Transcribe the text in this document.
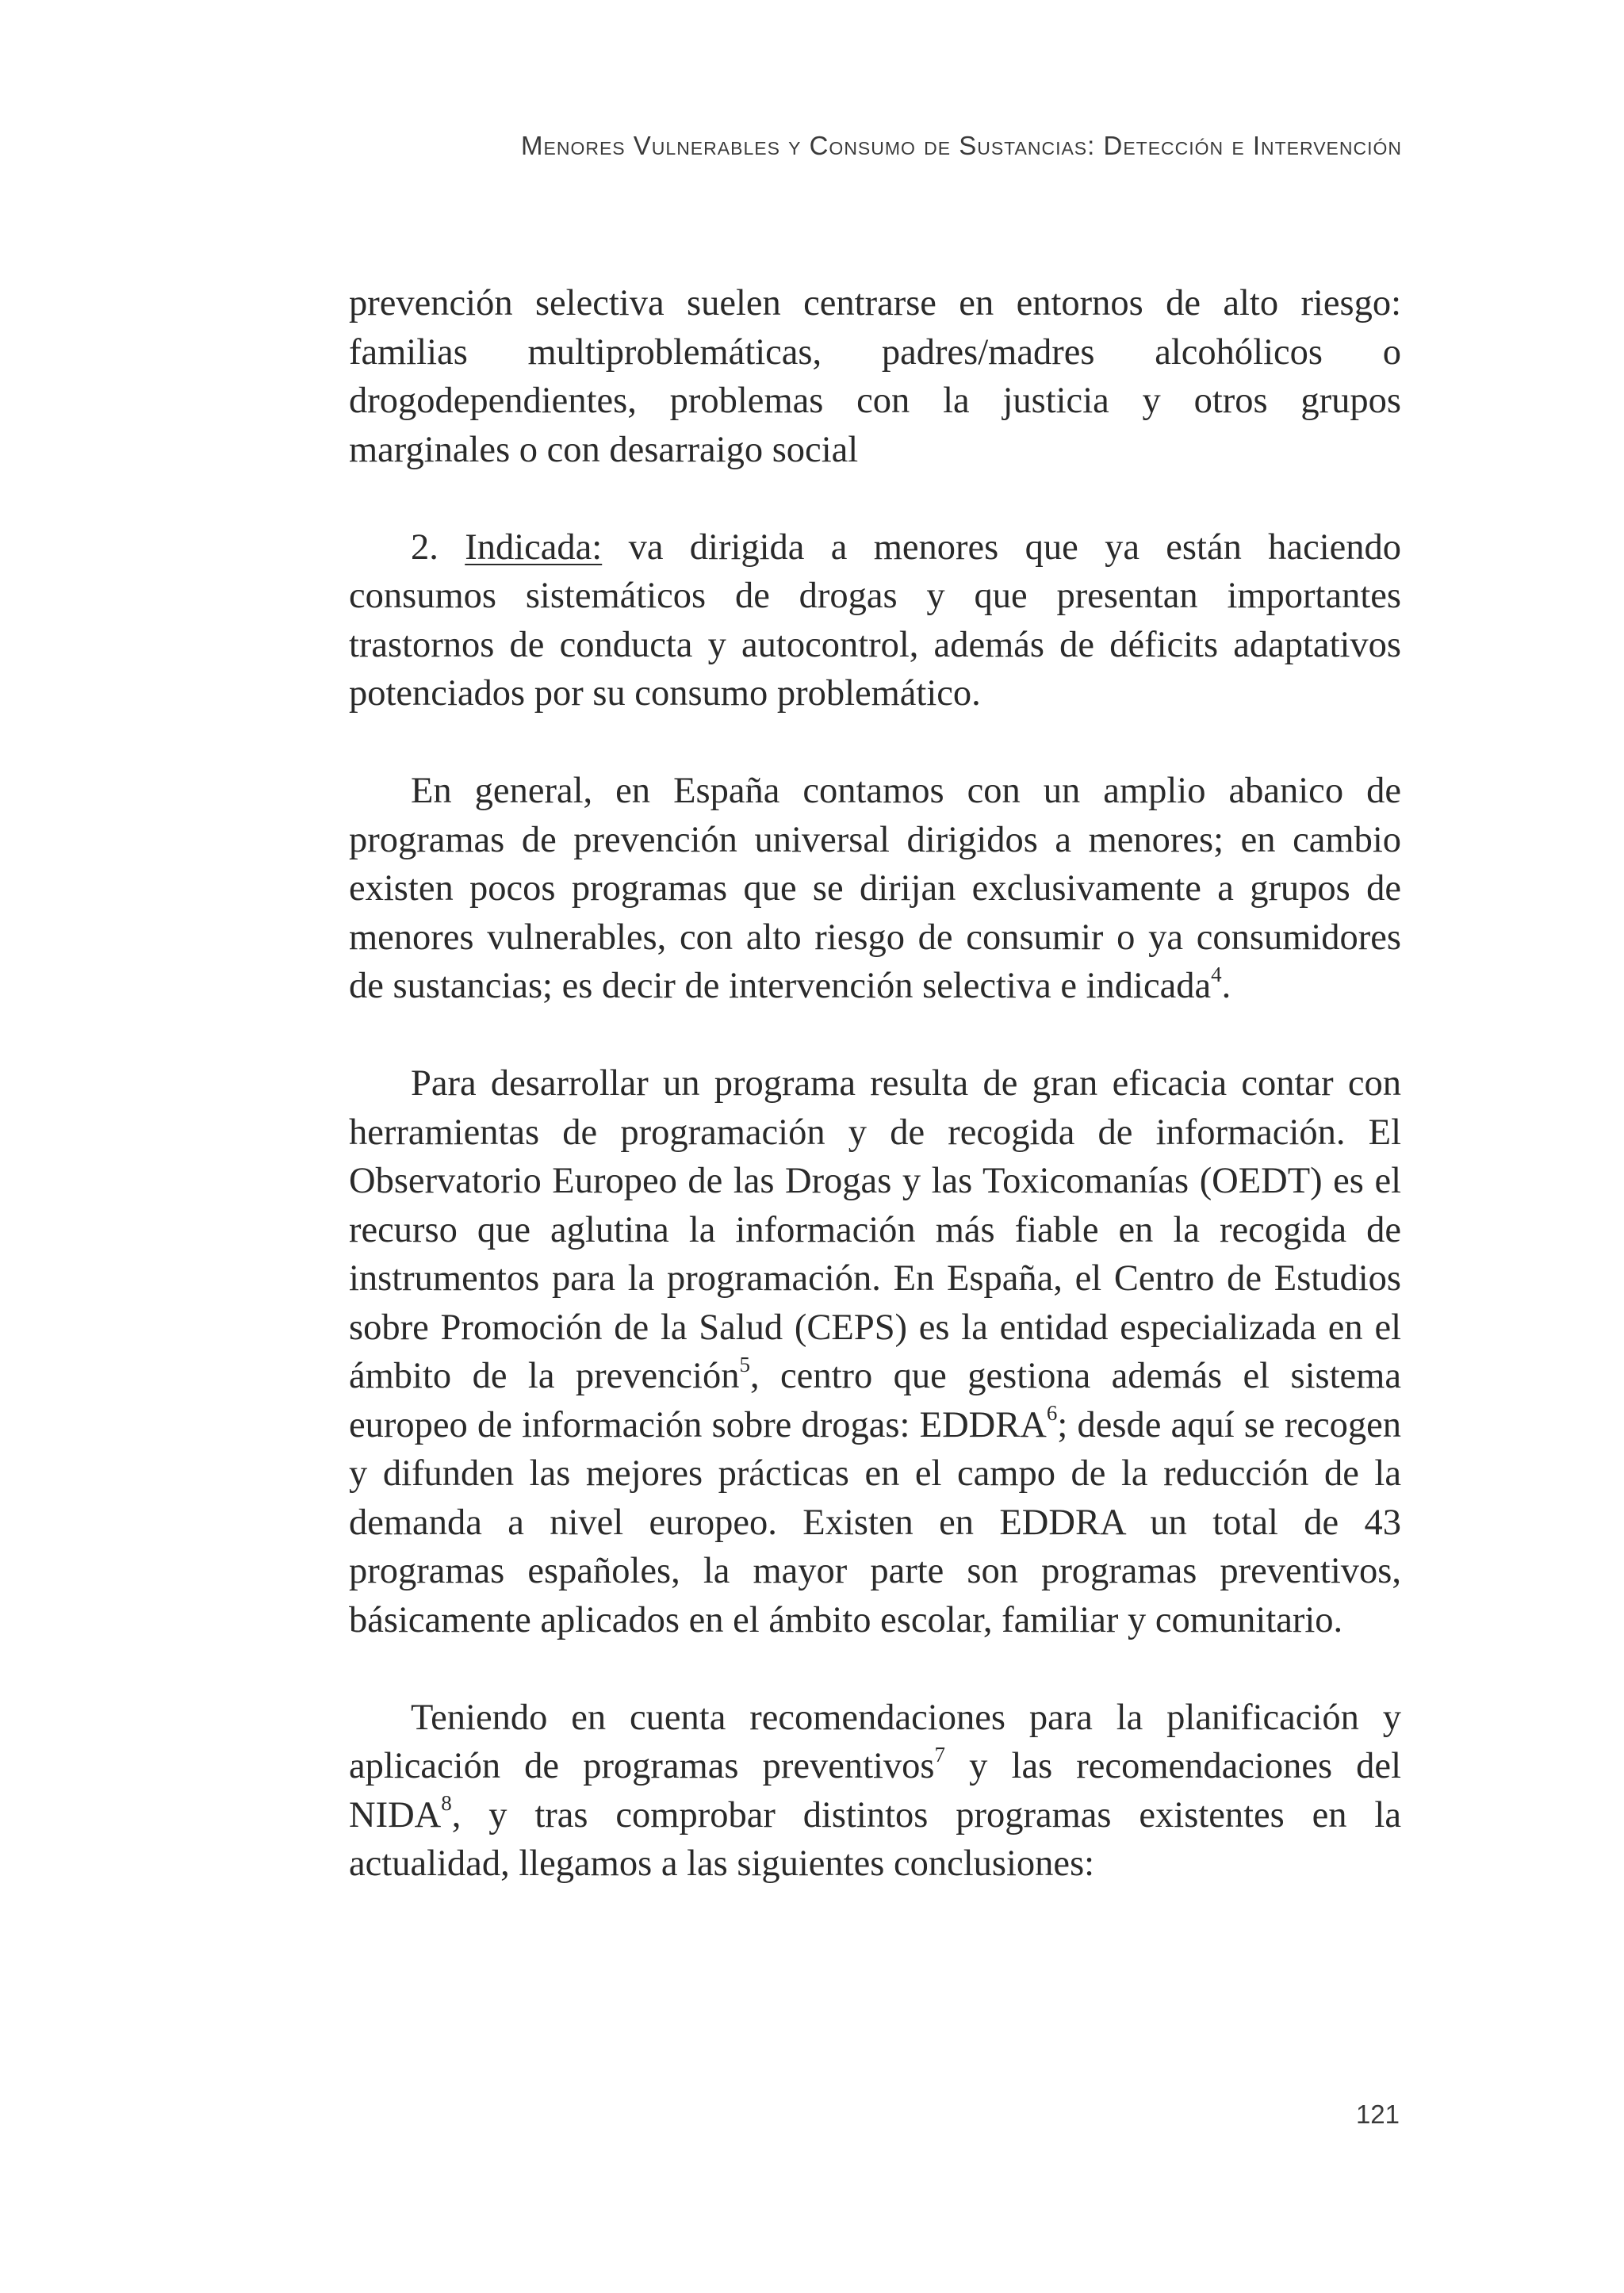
Menores Vulnerables y Consumo de Sustancias: Detección e Intervención

prevención selectiva suelen centrarse en entornos de alto riesgo: familias multiproblemáticas, padres/madres alcohólicos o drogodependientes, problemas con la justicia y otros grupos marginales o con desarraigo social

2. Indicada: va dirigida a menores que ya están haciendo consumos sistemáticos de drogas y que presentan importantes trastornos de conducta y autocontrol, además de déficits adaptativos potenciados por su consumo problemático.

En general, en España contamos con un amplio abanico de programas de prevención universal dirigidos a menores; en cambio existen pocos programas que se dirijan exclusivamente a grupos de menores vulnerables, con alto riesgo de consumir o ya consumidores de sustancias; es decir de intervención selectiva e indicada$^4$.

Para desarrollar un programa resulta de gran eficacia contar con herramientas de programación y de recogida de información. El Observatorio Europeo de las Drogas y las Toxicomanías (OEDT) es el recurso que aglutina la información más fiable en la recogida de instrumentos para la programación. En España, el Centro de Estudios sobre Promoción de la Salud (CEPS) es la entidad especializada en el ámbito de la prevención$^5$, centro que gestiona además el sistema europeo de información sobre drogas: EDDRA$^6$; desde aquí se recogen y difunden las mejores prácticas en el campo de la reducción de la demanda a nivel europeo. Existen en EDDRA un total de 43 programas españoles, la mayor parte son programas preventivos, básicamente aplicados en el ámbito escolar, familiar y comunitario.

Teniendo en cuenta recomendaciones para la planificación y aplicación de programas preventivos$^7$ y las recomendaciones del NIDA$^8$, y tras comprobar distintos programas existentes en la actualidad, llegamos a las siguientes conclusiones:

121
